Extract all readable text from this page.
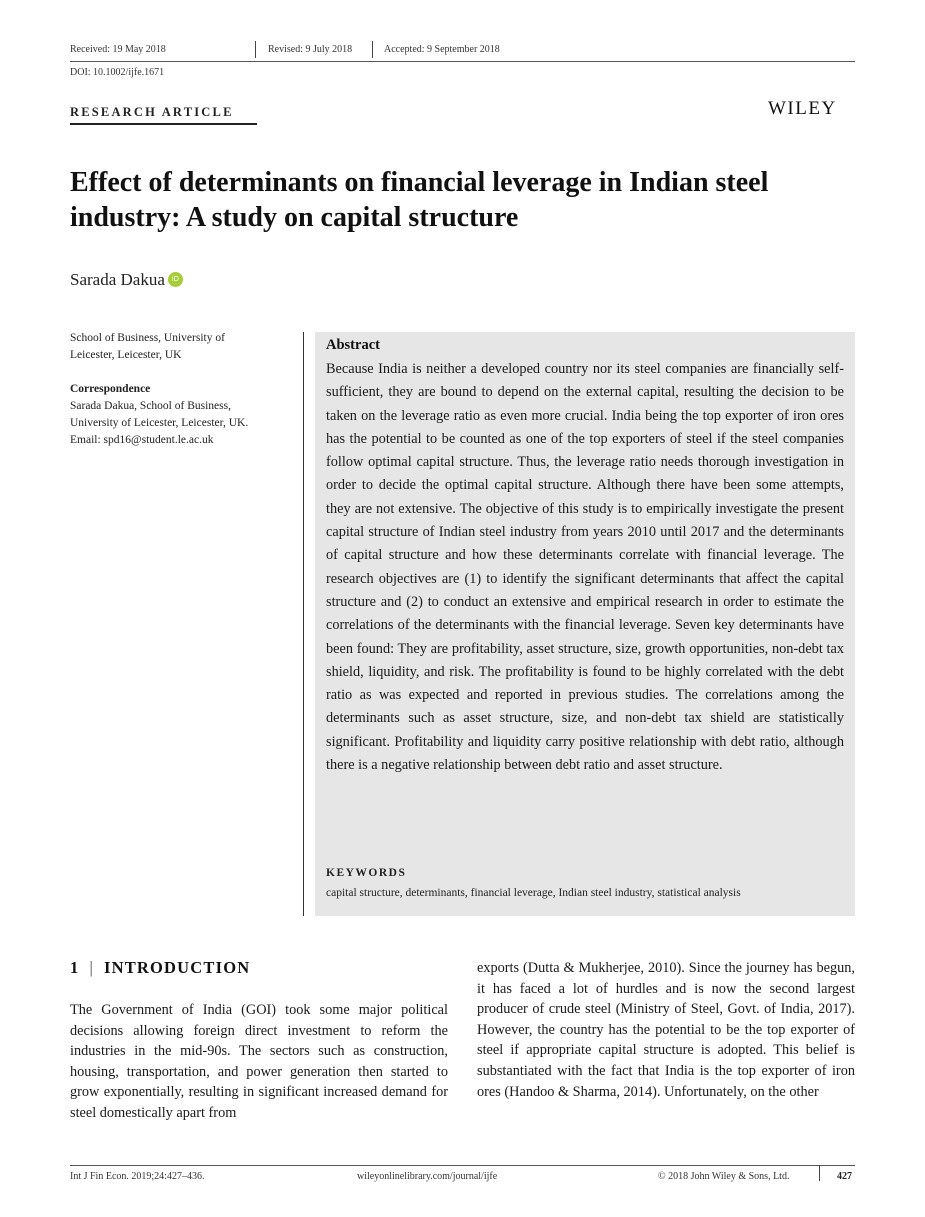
Received: 19 May 2018	Revised: 9 July 2018	Accepted: 9 September 2018
DOI: 10.1002/ijfe.1671
RESEARCH ARTICLE	WILEY
Effect of determinants on financial leverage in Indian steel industry: A study on capital structure
Sarada Dakua iD

School of Business, University of

Leicester, Leicester, UK

Correspondence

Sarada Dakua, School of Business,

University of Leicester, Leicester, UK.

Email: spd16@student.le.ac.uk

Abstract
Because India is neither a developed country nor its steel companies are financially self-sufficient, they are bound to depend on the external capital, resulting the decision to be taken on the leverage ratio as even more crucial. India being the top exporter of iron ores has the potential to be counted as one of the top exporters of steel if the steel companies follow optimal capital structure. Thus, the leverage ratio needs thorough investigation in order to decide the optimal capital structure. Although there have been some attempts, they are not extensive. The objective of this study is to empirically investigate the present capital structure of Indian steel industry from years 2010 until 2017 and the determinants of capital structure and how these determinants correlate with financial leverage. The research objectives are (1) to identify the significant determinants that affect the capital structure and (2) to conduct an extensive and empirical research in order to estimate the correlations of the determinants with the financial leverage. Seven key determinants have been found: They are profitability, asset structure, size, growth opportunities, non-debt tax shield, liquidity, and risk. The profitability is found to be highly correlated with the debt ratio as was expected and reported in previous studies. The correlations among the determinants such as asset structure, size, and non-debt tax shield are statistically significant. Profitability and liquidity carry positive relationship with debt ratio, although there is a negative relationship between debt ratio and asset structure.
KEYWORDS
capital structure, determinants, financial leverage, Indian steel industry, statistical analysis
1 | INTRODUCTION
The Government of India (GOI) took some major political decisions allowing foreign direct investment to reform the industries in the mid-90s. The sectors such as construction, housing, transportation, and power generation then started to grow exponentially, resulting in significant increased demand for steel domestically apart from
exports (Dutta & Mukherjee, 2010). Since the journey has begun, it has faced a lot of hurdles and is now the second largest producer of crude steel (Ministry of Steel, Govt. of India, 2017). However, the country has the potential to be the top exporter of steel if appropriate capital structure is adopted. This belief is substantiated with the fact that India is the top exporter of iron ores (Handoo & Sharma, 2014). Unfortunately, on the other
Int J Fin Econ. 2019;24:427–436.	wileyonlinelibrary.com/journal/ijfe	© 2018 John Wiley & Sons, Ltd.	427
